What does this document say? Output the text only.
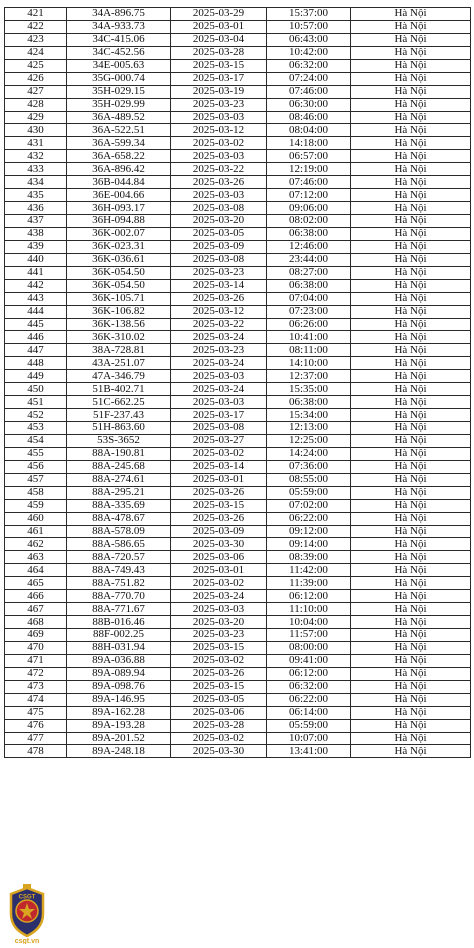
421	34A-896.75	2025-03-29	15:37:00	Hà Nội
422	34A-933.73	2025-03-01	10:57:00	Hà Nội
423	34C-415.06	2025-03-04	06:43:00	Hà Nội
424	34C-452.56	2025-03-28	10:42:00	Hà Nội
425	34E-005.63	2025-03-15	06:32:00	Hà Nội
426	35G-000.74	2025-03-17	07:24:00	Hà Nội
427	35H-029.15	2025-03-19	07:46:00	Hà Nội
428	35H-029.99	2025-03-23	06:30:00	Hà Nội
429	36A-489.52	2025-03-03	08:46:00	Hà Nội
430	36A-522.51	2025-03-12	08:04:00	Hà Nội
431	36A-599.34	2025-03-02	14:18:00	Hà Nội
432	36A-658.22	2025-03-03	06:57:00	Hà Nội
433	36A-896.42	2025-03-22	12:19:00	Hà Nội
434	36B-044.84	2025-03-26	07:46:00	Hà Nội
435	36E-004.66	2025-03-03	07:12:00	Hà Nội
436	36H-093.17	2025-03-08	09:06:00	Hà Nội
437	36H-094.88	2025-03-20	08:02:00	Hà Nội
438	36K-002.07	2025-03-05	06:38:00	Hà Nội
439	36K-023.31	2025-03-09	12:46:00	Hà Nội
440	36K-036.61	2025-03-08	23:44:00	Hà Nội
441	36K-054.50	2025-03-23	08:27:00	Hà Nội
442	36K-054.50	2025-03-14	06:38:00	Hà Nội
443	36K-105.71	2025-03-26	07:04:00	Hà Nội
444	36K-106.82	2025-03-12	07:23:00	Hà Nội
445	36K-138.56	2025-03-22	06:26:00	Hà Nội
446	36K-310.02	2025-03-24	10:41:00	Hà Nội
447	38A-728.81	2025-03-23	08:11:00	Hà Nội
448	43A-251.07	2025-03-24	14:10:00	Hà Nội
449	47A-346.79	2025-03-03	12:37:00	Hà Nội
450	51B-402.71	2025-03-24	15:35:00	Hà Nội
451	51C-662.25	2025-03-03	06:38:00	Hà Nội
452	51F-237.43	2025-03-17	15:34:00	Hà Nội
453	51H-863.60	2025-03-08	12:13:00	Hà Nội
454	53S-3652	2025-03-27	12:25:00	Hà Nội
455	88A-190.81	2025-03-02	14:24:00	Hà Nội
456	88A-245.68	2025-03-14	07:36:00	Hà Nội
457	88A-274.61	2025-03-01	08:55:00	Hà Nội
458	88A-295.21	2025-03-26	05:59:00	Hà Nội
459	88A-335.69	2025-03-15	07:02:00	Hà Nội
460	88A-478.67	2025-03-26	06:22:00	Hà Nội
461	88A-578.09	2025-03-09	09:12:00	Hà Nội
462	88A-586.65	2025-03-30	09:14:00	Hà Nội
463	88A-720.57	2025-03-06	08:39:00	Hà Nội
464	88A-749.43	2025-03-01	11:42:00	Hà Nội
465	88A-751.82	2025-03-02	11:39:00	Hà Nội
466	88A-770.70	2025-03-24	06:12:00	Hà Nội
467	88A-771.67	2025-03-03	11:10:00	Hà Nội
468	88B-016.46	2025-03-20	10:04:00	Hà Nội
469	88F-002.25	2025-03-23	11:57:00	Hà Nội
470	88H-031.94	2025-03-15	08:00:00	Hà Nội
471	89A-036.88	2025-03-02	09:41:00	Hà Nội
472	89A-089.94	2025-03-26	06:12:00	Hà Nội
473	89A-098.76	2025-03-15	06:32:00	Hà Nội
474	89A-146.95	2025-03-05	06:22:00	Hà Nội
475	89A-162.28	2025-03-06	06:14:00	Hà Nội
476	89A-193.28	2025-03-28	05:59:00	Hà Nội
477	89A-201.52	2025-03-02	10:07:00	Hà Nội
478	89A-248.18	2025-03-30	13:41:00	Hà Nội
CSGT
csgt.vn
